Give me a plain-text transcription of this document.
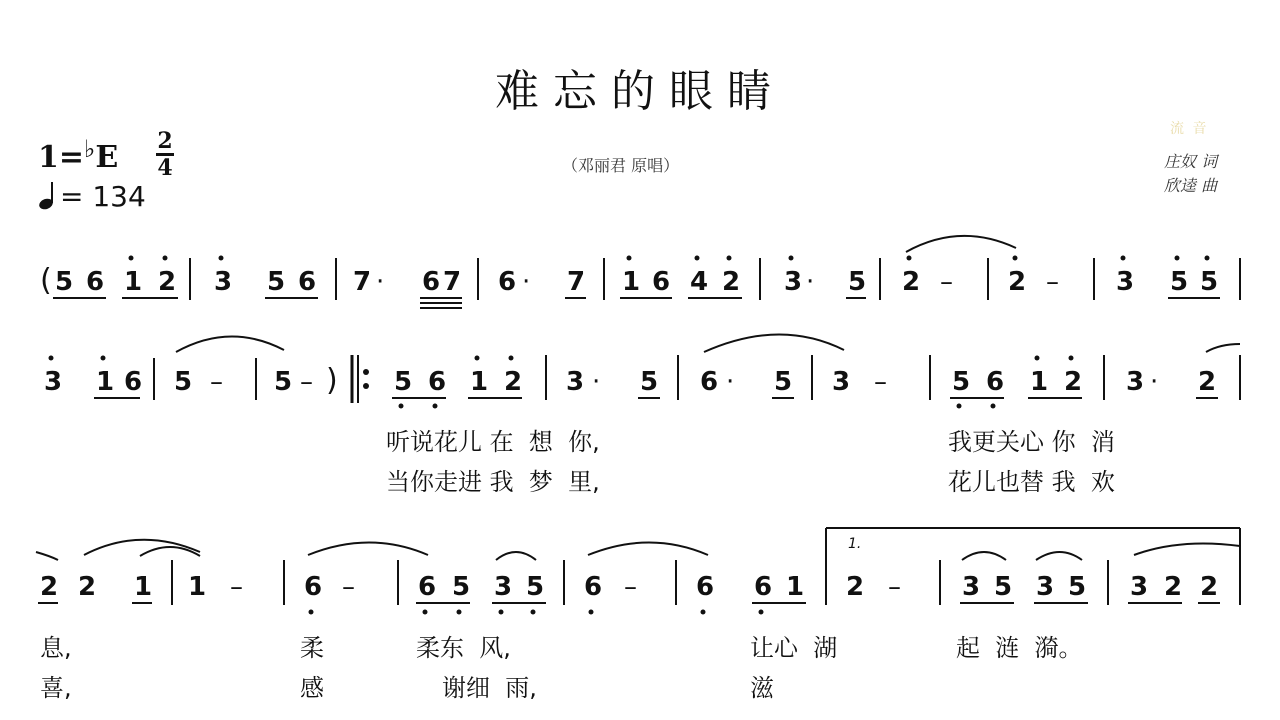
难忘的眼睛
1=♭E 2
4
= 134
（邓丽君 原唱）
流 音
庄奴 词
欣逵 曲
( 5 6 1 2 3 5 6 7 · 6 7 6 · 7 1 6 4 2 3 · 5 2 – 2 – 3 5 5
3 1 6 5 – 5 – ) 5 6 1 2 3 · 5 6 · 5 3 –	5 6 1 2 3 · 2
2 2 1 1 – 6 – 6 5 3 5 6 – 6 6 1 2 – 3 5 3 5 3 2 2
1.
听说花儿 在  想  你,	我更关心 你  消
当你走进 我  梦  里,	花儿也替 我  欢
息,	柔	柔东  风,	让心  湖	起  涟  漪。
喜,	感	谢细  雨,	滋
